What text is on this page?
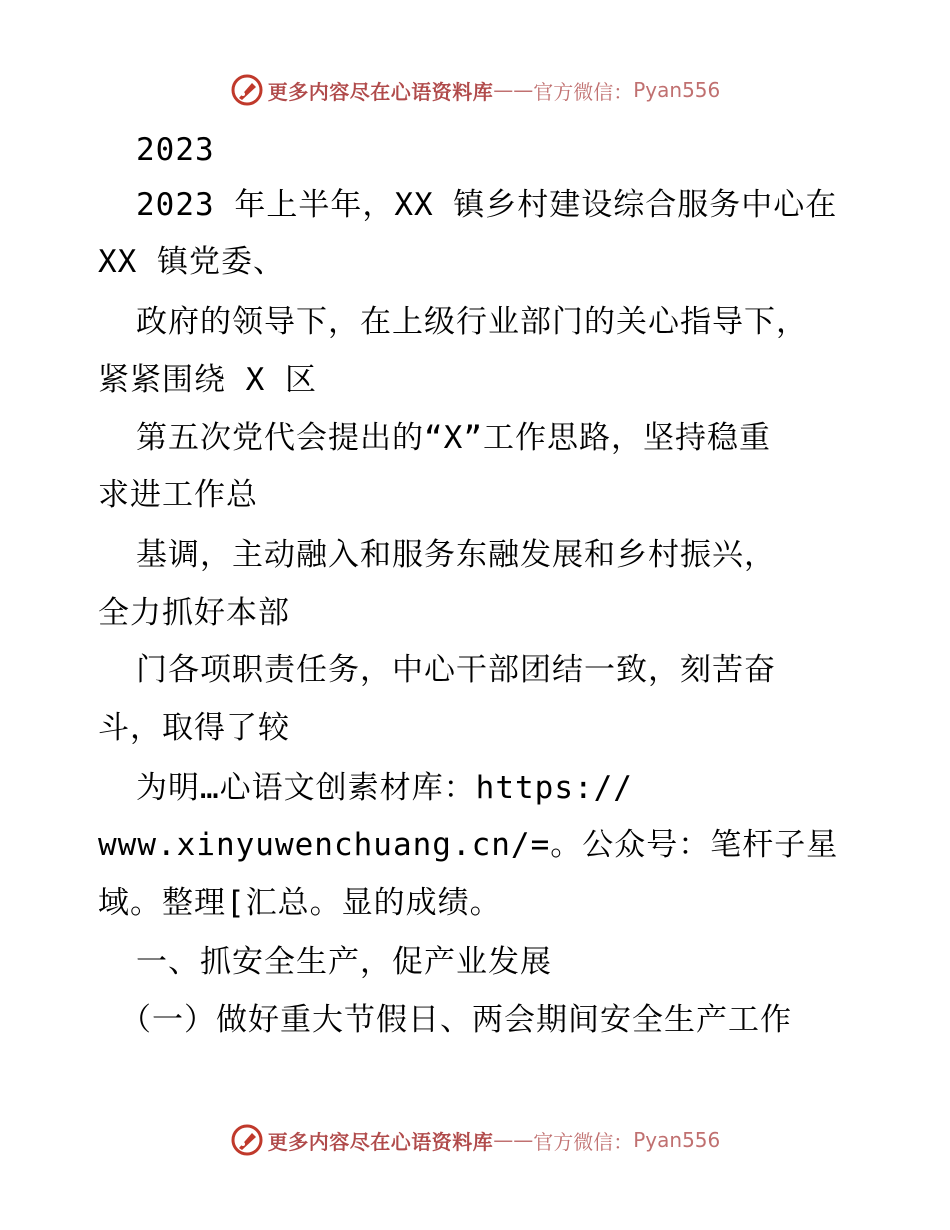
更多内容尽在心语资料库 —— 官方微信： Pyan556
2023
2023 年上半年，XX 镇乡村建设综合服务中心在
XX 镇党委、
政府的领导下，在上级行业部门的关心指导下，
紧紧围绕 X 区
第五次党代会提出的“X”工作思路，坚持稳重
求进工作总
基调，主动融入和服务东融发展和乡村振兴，
全力抓好本部
门各项职责任务，中心干部团结一致，刻苦奋
斗，取得了较
为明…心语文创素材库：https://
www.xinyuwenchuang.cn/=。公众号：笔杆子星
域。整理[汇总。显的成绩。
一、抓安全生产，促产业发展
（一）做好重大节假日、两会期间安全生产工作
更多内容尽在心语资料库 —— 官方微信： Pyan556
